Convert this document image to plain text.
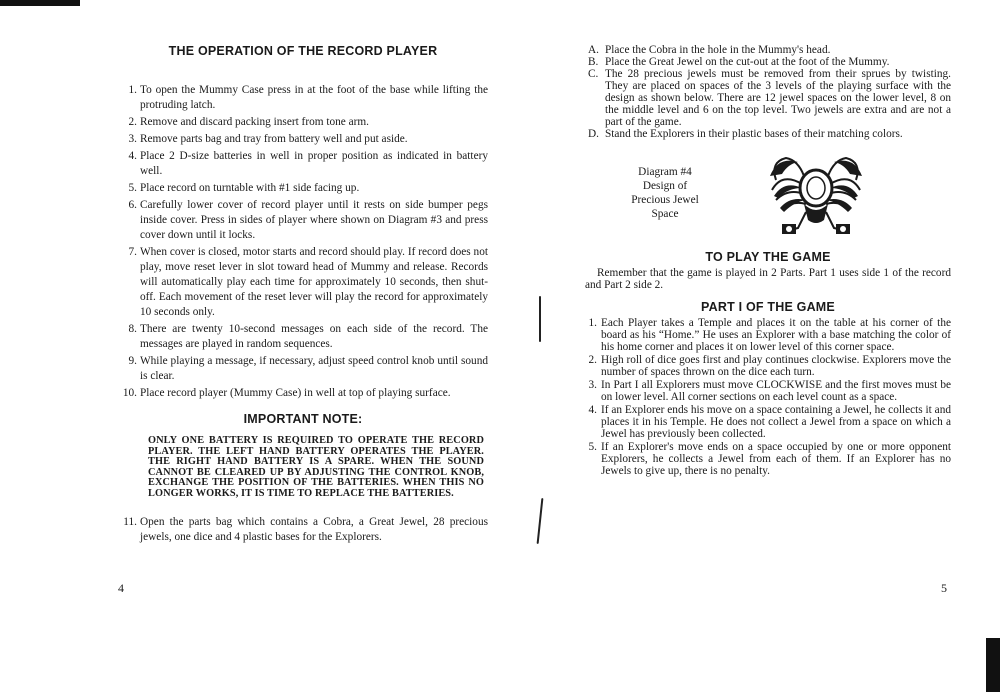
THE OPERATION OF THE RECORD PLAYER
1. To open the Mummy Case press in at the foot of the base while lifting the protruding latch.
2. Remove and discard packing insert from tone arm.
3. Remove parts bag and tray from battery well and put aside.
4. Place 2 D-size batteries in well in proper position as indicated in battery well.
5. Place record on turntable with #1 side facing up.
6. Carefully lower cover of record player until it rests on side bumper pegs inside cover. Press in sides of player where shown on Diagram #3 and press cover down until it locks.
7. When cover is closed, motor starts and record should play. If record does not play, move reset lever in slot toward head of Mummy and release. Records will automatically play each time for approximately 10 seconds, then shut-off. Each movement of the reset lever will play the record for approximately 10 seconds only.
8. There are twenty 10-second messages on each side of the record. The messages are played in random sequences.
9. While playing a message, if necessary, adjust speed control knob until sound is clear.
10. Place record player (Mummy Case) in well at top of playing surface.
IMPORTANT NOTE:
ONLY ONE BATTERY IS REQUIRED TO OPERATE THE RECORD PLAYER. THE LEFT HAND BATTERY OPERATES THE PLAYER. THE RIGHT HAND BATTERY IS A SPARE. WHEN THE SOUND CANNOT BE CLEARED UP BY ADJUSTING THE CONTROL KNOB, EXCHANGE THE POSITION OF THE BATTERIES. WHEN THIS NO LONGER WORKS, IT IS TIME TO REPLACE THE BATTERIES.
11. Open the parts bag which contains a Cobra, a Great Jewel, 28 precious jewels, one dice and 4 plastic bases for the Explorers.
4
A. Place the Cobra in the hole in the Mummy's head.
B. Place the Great Jewel on the cut-out at the foot of the Mummy.
C. The 28 precious jewels must be removed from their sprues by twisting. They are placed on spaces of the 3 levels of the playing surface with the design as shown below. There are 12 jewel spaces on the lower level, 8 on the middle level and 6 on the top level. Two jewels are extra and are not a part of the game.
D. Stand the Explorers in their plastic bases of their matching colors.
Diagram #4
Design of
Precious Jewel
Space
TO PLAY THE GAME

Remember that the game is played in 2 Parts. Part 1 uses side 1 of the record and Part 2 side 2.

PART I OF THE GAME
1. Each Player takes a Temple and places it on the table at his corner of the board as his “Home.” He uses an Explorer with a base matching the color of his home corner and places it on lower level of this corner space.
2. High roll of dice goes first and play continues clockwise. Explorers move the number of spaces thrown on the dice each turn.
3. In Part I all Explorers must move CLOCKWISE and the first moves must be on lower level. All corner sections on each level count as a space.
4. If an Explorer ends his move on a space containing a Jewel, he collects it and places it in his Temple. He does not collect a Jewel from a space on which a Jewel has previously been collected.
5. If an Explorer's move ends on a space occupied by one or more opponent Explorers, he collects a Jewel from each of them. If an Explorer has no Jewels to give up, there is no penalty.
5
